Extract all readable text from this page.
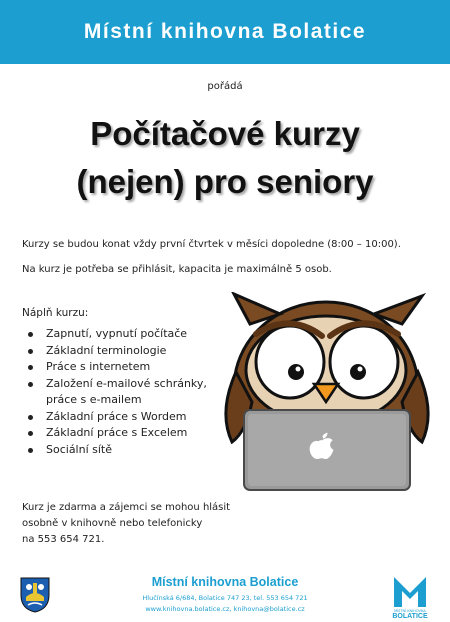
Místní knihovna Bolatice
pořádá
Počítačové kurzy
(nejen) pro seniory
Kurzy se budou konat vždy první čtvrtek v měsíci dopoledne (8:00 – 10:00).
Na kurz je potřeba se přihlásit, kapacita je maximálně 5 osob.
Náplň kurzu:
Zapnutí, vypnutí počítače
Základní terminologie
Práce s internetem
Založení e-mailové schránky,
práce s e-mailem
Základní práce s Wordem
Základní práce s Excelem
Sociální sítě
Kurz je zdarma a zájemci se mohou hlásit
osobně v knihovně nebo telefonicky
na 553 654 721.
Místní knihovna Bolatice
Hlučínská 6/684, Bolatice 747 23, tel. 553 654 721
www.knihovna.bolatice.cz, knihovna@bolatice.cz	MÍSTNÍ KNIHOVNA
BOLATICE
